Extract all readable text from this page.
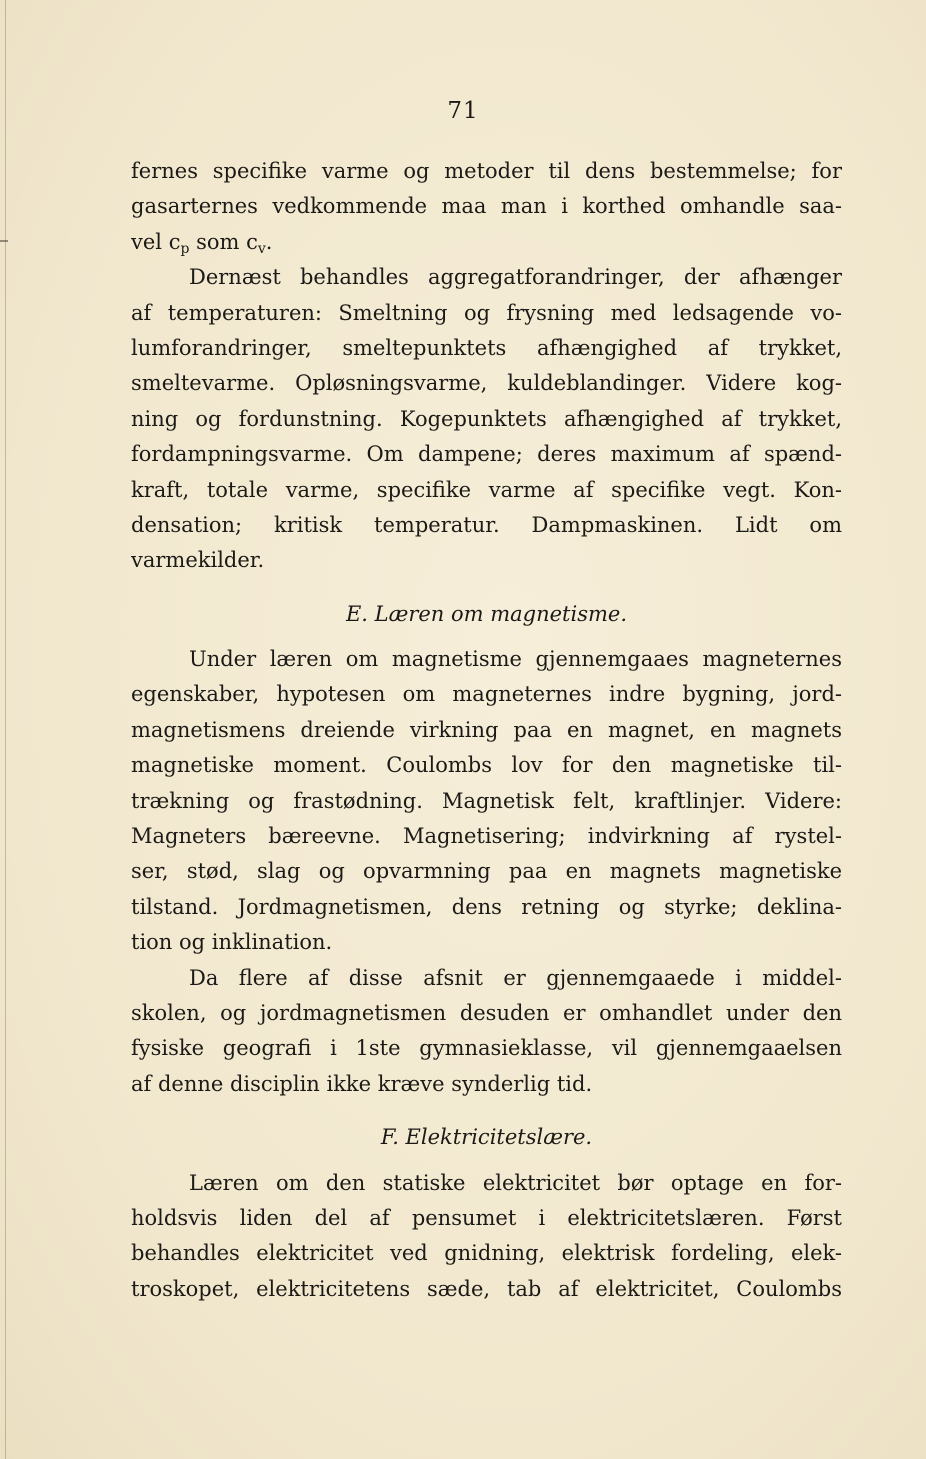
71
fernes specifike varme og metoder til dens bestemmelse; for
gasarternes vedkommende maa man i korthed omhandle saa-
vel $c_p$ som $c_v$.
Dernæst behandles aggregatforandringer, der afhænger
af temperaturen: Smeltning og frysning med ledsagende vo-
lumforandringer, smeltepunktets afhængighed af trykket,
smeltevarme. Opløsningsvarme, kuldeblandinger. Videre kog-
ning og fordunstning. Kogepunktets afhængighed af trykket,
fordampningsvarme. Om dampene; deres maximum af spænd-
kraft, totale varme, specifike varme af specifike vegt. Kon-
densation; kritisk temperatur. Dampmaskinen. Lidt om
varmekilder.
E. Læren om magnetisme.
Under læren om magnetisme gjennemgaaes magneternes
egenskaber, hypotesen om magneternes indre bygning, jord-
magnetismens dreiende virkning paa en magnet, en magnets
magnetiske moment. Coulombs lov for den magnetiske til-
trækning og frastødning. Magnetisk felt, kraftlinjer. Videre:
Magneters bæreevne. Magnetisering; indvirkning af rystel-
ser, stød, slag og opvarmning paa en magnets magnetiske
tilstand. Jordmagnetismen, dens retning og styrke; deklina-
tion og inklination.
Da flere af disse afsnit er gjennemgaaede i middel-
skolen, og jordmagnetismen desuden er omhandlet under den
fysiske geografi i 1ste gymnasieklasse, vil gjennemgaaelsen
af denne disciplin ikke kræve synderlig tid.
F. Elektricitetslære.
Læren om den statiske elektricitet bør optage en for-
holdsvis liden del af pensumet i elektricitetslæren. Først
behandles elektricitet ved gnidning, elektrisk fordeling, elek-
troskopet, elektricitetens sæde, tab af elektricitet, Coulombs
